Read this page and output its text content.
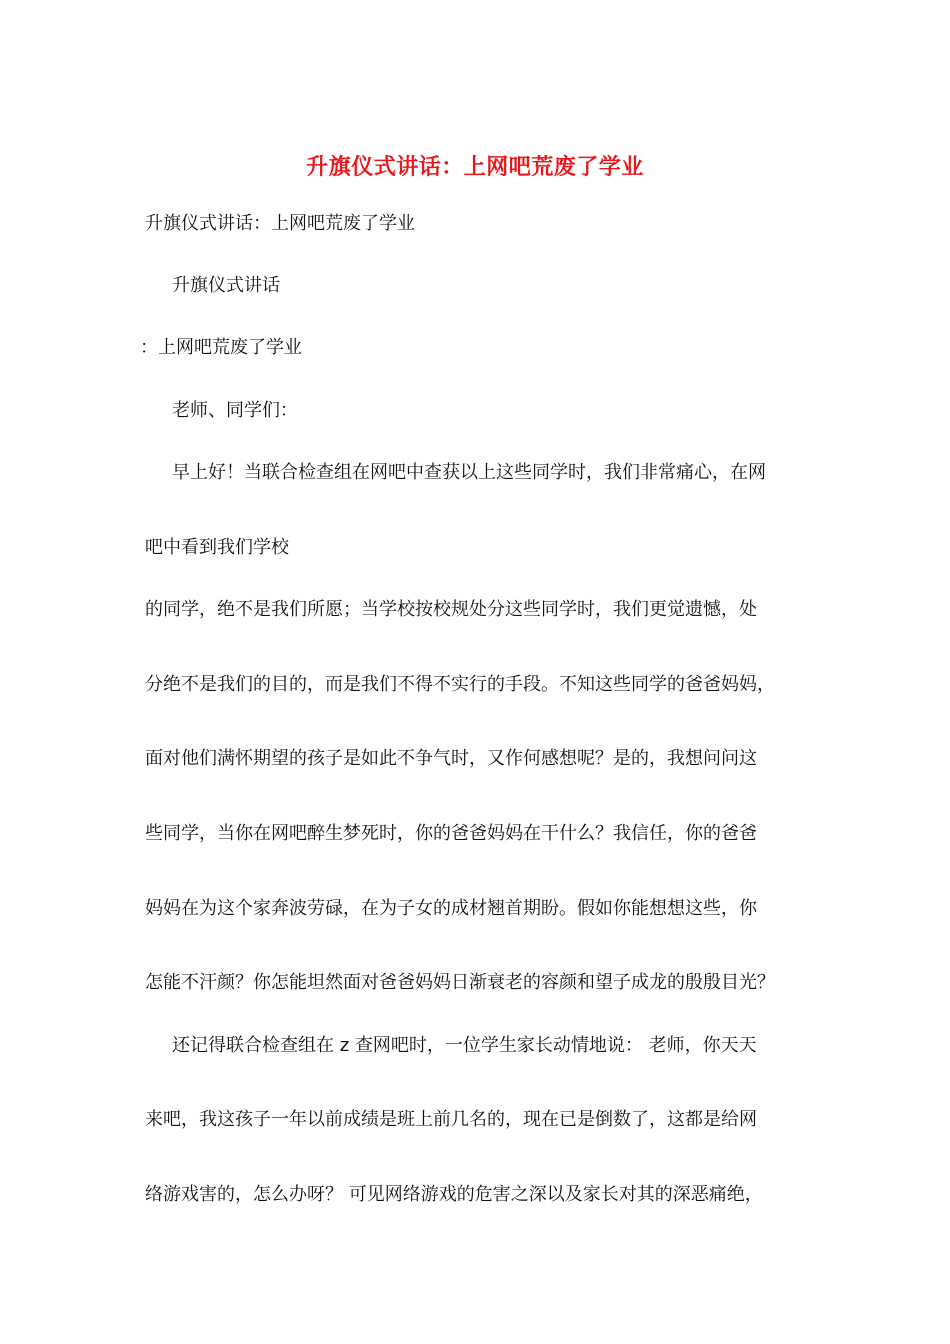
升旗仪式讲话：上网吧荒废了学业
升旗仪式讲话：上网吧荒废了学业
升旗仪式讲话
：上网吧荒废了学业
老师、同学们：
早上好！当联合检查组在网吧中查获以上这些同学时，我们非常痛心，在网
吧中看到我们学校
的同学，绝不是我们所愿；当学校按校规处分这些同学时，我们更觉遗憾，处
分绝不是我们的目的，而是我们不得不实行的手段。不知这些同学的爸爸妈妈，
面对他们满怀期望的孩子是如此不争气时，又作何感想呢？是的，我想问问这
些同学，当你在网吧醉生梦死时，你的爸爸妈妈在干什么？我信任，你的爸爸
妈妈在为这个家奔波劳碌，在为子女的成材翘首期盼。假如你能想想这些，你
怎能不汗颜？你怎能坦然面对爸爸妈妈日渐衰老的容颜和望子成龙的殷殷目光？
还记得联合检查组在 z 查网吧时，一位学生家长动情地说： 老师，你天天
来吧，我这孩子一年以前成绩是班上前几名的，现在已是倒数了，这都是给网
络游戏害的，怎么办呀？ 可见网络游戏的危害之深以及家长对其的深恶痛绝，
